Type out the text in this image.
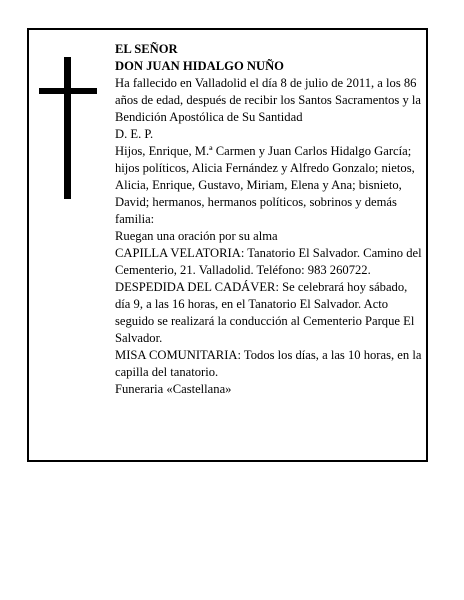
EL SEÑOR
DON JUAN HIDALGO NUÑO
Ha fallecido en Valladolid el día 8 de julio de 2011, a los 86 años de edad, después de recibir los Santos Sacramentos y la Bendición Apostólica de Su Santidad
D. E. P.
Hijos, Enrique, M.ª Carmen y Juan Carlos Hidalgo García; hijos políticos, Alicia Fernández y Alfredo Gonzalo; nietos, Alicia, Enrique, Gustavo, Miriam, Elena y Ana; bisnieto, David; hermanos, hermanos políticos, sobrinos y demás familia:
Ruegan una oración por su alma
CAPILLA VELATORIA: Tanatorio El Salvador. Camino del Cementerio, 21. Valladolid. Teléfono: 983 260722.
DESPEDIDA DEL CADÁVER: Se celebrará hoy sábado, día 9, a las 16 horas, en el Tanatorio El Salvador. Acto seguido se realizará la conducción al Cementerio Parque El Salvador.
MISA COMUNITARIA: Todos los días, a las 10 horas, en la capilla del tanatorio.
Funeraria «Castellana»
